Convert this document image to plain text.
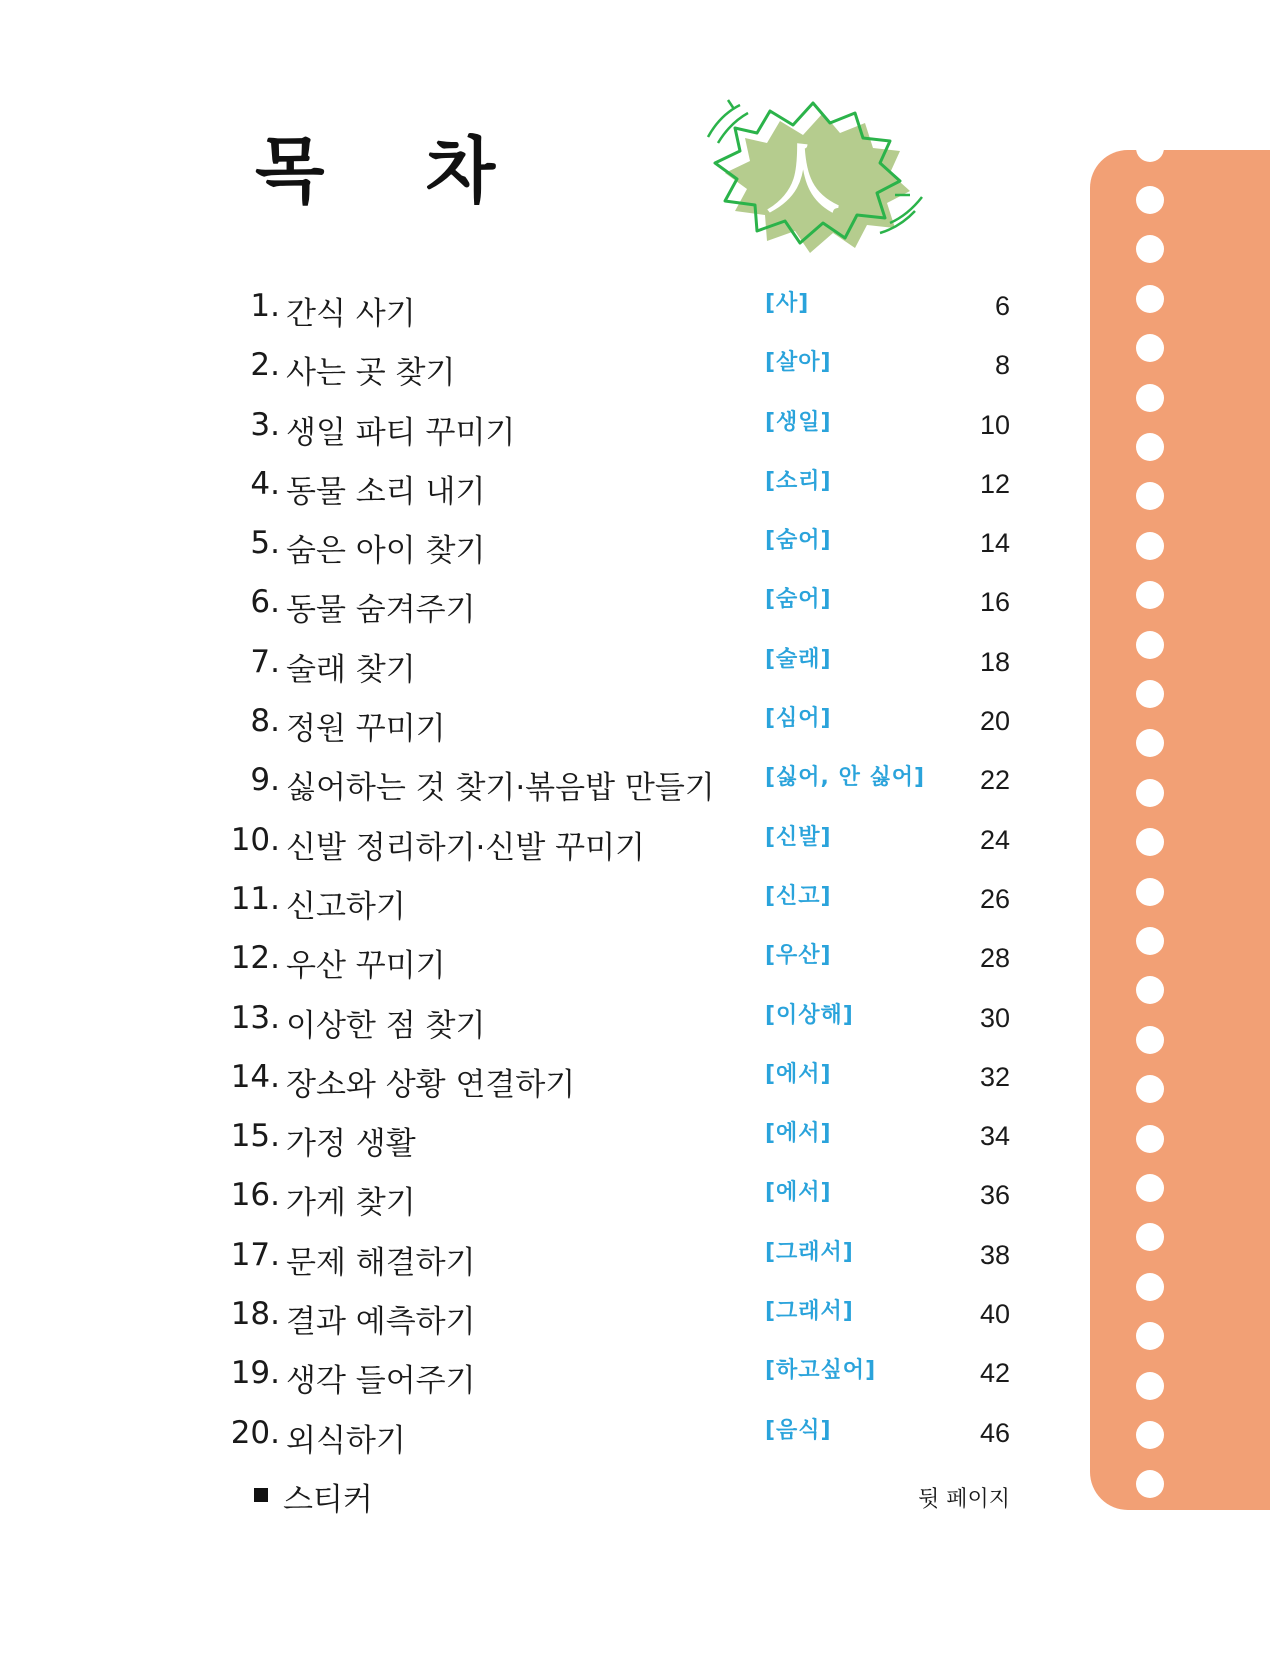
목 차	人
1. 간식 사기	[사]	6
2. 사는 곳 찾기	[살아]	8
3. 생일 파티 꾸미기	[생일]	10
4. 동물 소리 내기	[소리]	12
5. 숨은 아이 찾기	[숨어]	14
6. 동물 숨겨주기	[숨어]	16
7. 술래 찾기	[술래]	18
8. 정원 꾸미기	[심어]	20
9. 싫어하는 것 찾기·볶음밥 만들기 [싫어, 안 싫어] 22
10. 신발 정리하기·신발 꾸미기	[신발]	24
11. 신고하기	[신고]	26
12. 우산 꾸미기	[우산]	28
13. 이상한 점 찾기	[이상해]	30
14. 장소와 상황 연결하기	[에서]	32
15. 가정 생활	[에서]	34
16. 가게 찾기	[에서]	36
17. 문제 해결하기	[그래서]	38
18. 결과 예측하기	[그래서]	40
19. 생각 들어주기	[하고싶어]	42
20. 외식하기	[음식]	46
스티커	뒷 페이지
